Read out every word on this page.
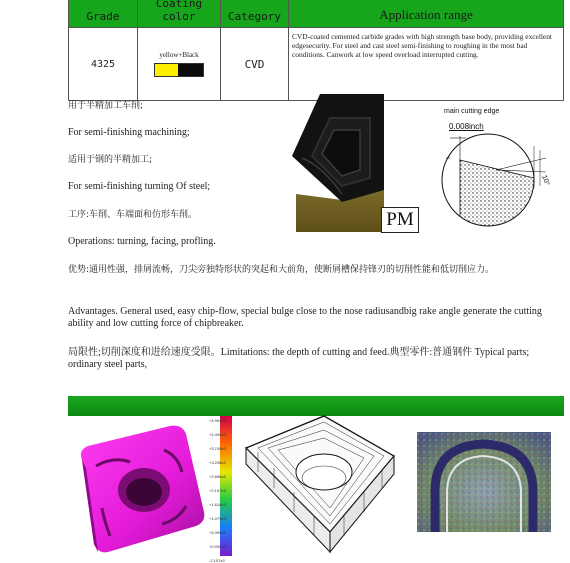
Grade	Coating color	Category	Application range
4325	yellow+Black	CVD	CVD-coated cemented carbide grades with high strength base body, providing excellent edgesecurity. For steel and cast steel semi-finishing to roughing in the most bad conditions. Canwork at low speed overload interrupted cutting.

用于半精加工车削;

For semi-finishing machining;

适用于钢的半精加工;

For semi-finishing turning Of steel;

工序:车削、车端面和仿形车削。

Operations: turning, facing, profling.

优势:通用性强，排屑流畅，刀尖旁独特形状的突起和大前角，使断屑槽保持锋刃的切削性能和低切削应力。

Advantages. General used, easy chip-flow, special bulge close to the nose radiusandbig rake angle generate the cutting ability and low cutting force of chipbreaker.

局限性;切削深度和进给速度受限。Limitations: the depth of cutting and feed.典型零件:普通钢件 Typical parts; ordinary steel parts,

PM
main cutting edge
0.008inch
10°
+4.904e2
+4.495e2
+3.745e2
+3.236e2
+2.696e2
+2.157e2
+1.618e2
+1.079e2
+5.395e1
+0.000e0
-2.157e2
